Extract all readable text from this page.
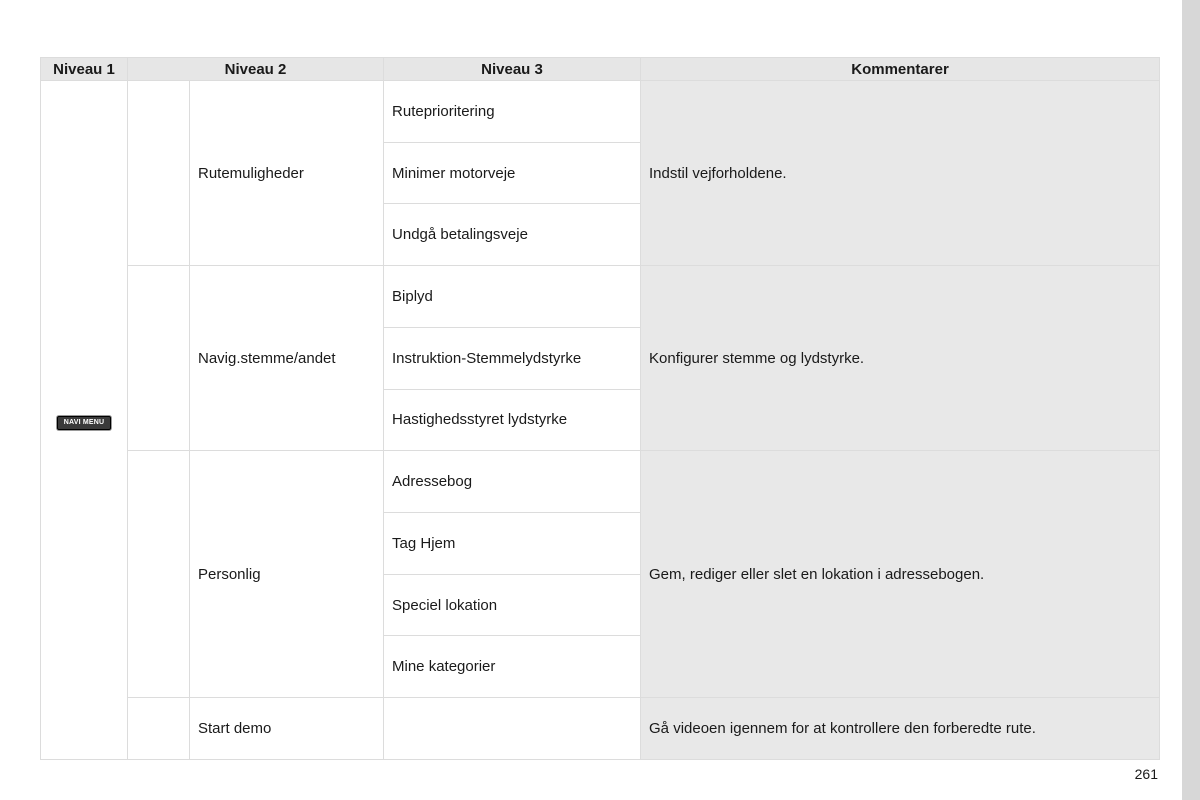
Niveau 1	Niveau 2		Niveau 3	Kommentarer
NAVI MENU		Rutemuligheder	Ruteprioritering	Indstil vejforholdene.
			Minimer motorveje	
			Undgå betalingsveje	
		Navig.stemme/andet	Biplyd	Konfigurer stemme og lydstyrke.
			Instruktion-Stemmelydstyrke	
			Hastighedsstyret lydstyrke	
		Personlig	Adressebog	Gem, rediger eller slet en lokation i adressebogen.
			Tag Hjem	
			Speciel lokation	
			Mine kategorier	
		Start demo		Gå videoen igennem for at kontrollere den forberedte rute.
261
